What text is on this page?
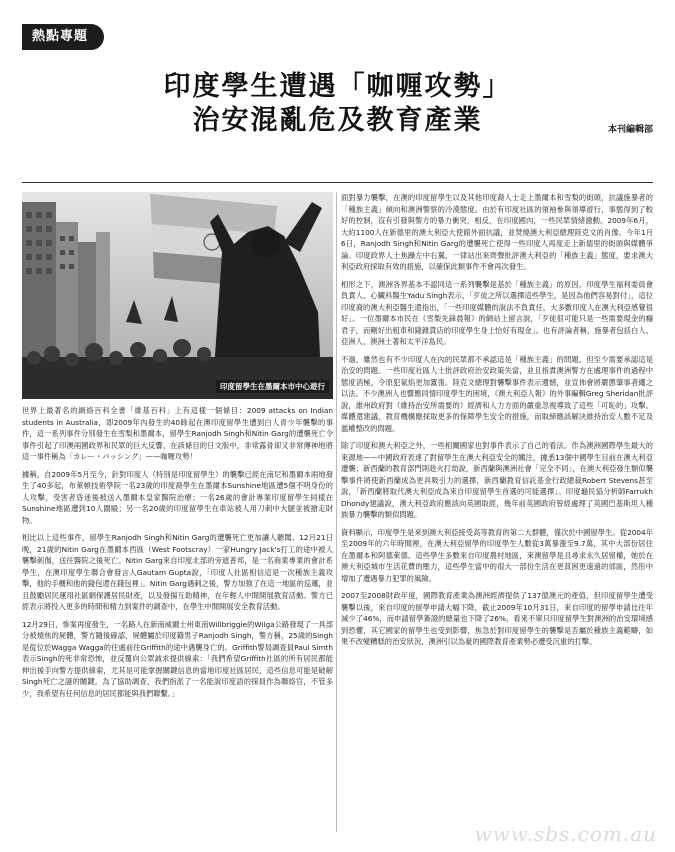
熱點專題
印度學生遭遇「咖喱攻勢」
治安混亂危及教育產業	本刊編輯部
印度留學生在墨爾本市中心遊行

世界上最著名的網絡百科全書「維基百科」上有這樣一個條目：2009 attacks on Indian students in Australia，即2009年內發生的40餘起在澳印度留學生遭到白人青少年襲擊的事件，這一系列事件分別發生在雪梨和墨爾本，留學生Ranjodh Singh和Nitin Garg的遭襲死亡令事件引起了印澳兩國政界和民眾的巨大反響，在該條目的日文版中，非常露骨卻又非常傳神地將這一事件稱為「カレー・バッシング」——咖喱攻勢！

據稱，自2009年5月至今，針對印度人（特別是印度留學生）的襲擊已經在南尼和墨爾本兩地發生了40多起，布萊頓技術學院一名23歲的印度裔學生在墨爾本Sunshine地區遭5個不明身份的人攻擊，受害者昏迷後被送入墨爾本皇家醫院治療；一名26歲的會計專業印度留學生同樣在Sunshine地區遭到10人圍毆；另一名20歲的印度留學生在車站被人用刀刺中大腿並被搶走財物。

相比以上這些事件，留學生Ranjodh Singh和Nitin Garg的遭襲死亡更加讓人聽聞。12月21日晚，21歲的Nitin Garg在墨爾本西區（West Footscray）一家Hungry Jack's打工的途中被人襲擊刺傷，送往醫院之後死亡。Nitin Garg來自印度北部的旁遮普邦，是一名商業專業的會計系學生，在澳印度學生聯合會發言人Gautam Gupta說，「印度人社區相信這是一次種族主義攻擊，他的手機和他的錢包還在錢包裡」。Nitin Garg遇刺之後，警方加強了在這一地區的巡邏，並且鼓勵居民運用社區網保護居民財產，以及發揚互助精神，在年輕人中間開展教育活動。警方已經表示將投入更多的時間和精力到案件的調查中，在學生中間開展安全教育活動。

12月29日，慘案再度發生，一名路人在新南威爾士州東南Willbriggie的Wilga公路發現了一具部分被燒焦的屍體，警方隨後確認，屍體屬於印度籍男子Ranjodh Singh，警方稱，25歲的Singh是從位於Wagga Wagga的住處前往Griffith的途中遇襲身亡的。Griffith警局調查員Paul Simth表示Singh的死非常恐怖，並反覆向公眾誠求提供線索：「我們希望Griffith社區的所有居民都能伸出援手向警方提供線索，尤其是可能掌握關鍵信息的當地印度社區居民，這些信息可能是破解Singh死亡之謎的關鍵。為了協助調查，我們指派了一名能說印度語的探員作為聯絡官，不管多少，我希望有任何信息的居民都能與我們聯繫。」

面對暴力襲擊，在澳的印度留學生以及其他印度裔人士走上墨爾本和雪梨的街頭，抗議施暴者的「種族主義」傾向和澳洲警察的冷漠態度。由於有印度社區的領袖參與領導遊行，事態得到了較好的控制，沒有引發與警方的暴力衝突，相反，在印度國內，一些民眾情緒激動。2009年6月，大約1100人在新德里的澳大利亞大使館外面抗議，並焚燒澳大利亞總理陸克文的肖像。今年1月6日，Ranjodh Singh和Nitin Garg的遭襲死亡使得一些印度人再度走上新德里的街頭與媒體爭論。印度政界人士焦躁左中右翼，一律站出來齊聲批評澳大利亞的「種族主義」態度，要求澳大利亞政府採取有效的措施，以確保此類事件不會再次發生。

相形之下，澳洲各界基本不認同這一系列襲擊是基於「種族主義」的原因。印度學生福利委員會負責人、心臟科醫生Yadu Singh表示，「歹徒之所以選擇這些學生，是因為他們容易對付」，這位印度裔的澳大利亞醫生還指出，「一些印度媒體的說法不負責任，大多數印度人在澳大利亞感覺很好」。一位墨爾本市民在《雪梨先鋒晨報》的網站上留言說，「歹徒很可能只是一些需要現金的癮君子，而剛好出租車和錢雜貨店的印度學生身上恰好有現金」。也有評論者稱，施暴者包括白人、亞洲人、澳洲土著和太平洋島民。

不過，雖然也有不少印度人在內的民眾都不承認這是「種族主義」的問題，但至少需要承認這是治安的問題。一些印度社區人士批評政府治安政策失當，並且指責澳洲警方在處理事件的過程中態度消極，令原犯氣焰更加囂張。陸克文總理對襲擊事件表示遺憾，並宣佈會將嚴懲肇事者繩之以法。不少澳洲人也響應同情印度學生的困境，《澳大利亞人報》的外事編輯Greg Sheridan批評說，維州政府對（維持治安所需要的）經濟和人力方面的嚴重忽視導致了這些「可恥的」攻擊。媒體還建議，教育機構應採取更多的保障學生安全的措施，而取締應該解決維持治安人數不足及濫權整改的問題。

除了印度和澳大利亞之外，一些相關國家也對事件表示了自己的看法。作為澳洲國際學生最大的來源地——中國政府表達了對留學生在澳大利亞安全的關注，據悉13個中國學生目前在澳大利亞遭襲；新西蘭的教育部門則趁火打劫說，新西蘭與澳洲社會「完全不同」，在澳大利亞發生類似襲擊事件將使新西蘭成為更具吸引力的選擇，新西蘭教育信託基金行政總裁Robert Stevens甚至說，「新西蘭將取代澳大利亞成為來自印度留學生首選的可能選擇」。印度龜民協分析師Farrukh Dhondy建議說，澳大利亞政府應該向英國取經，幾年前英國政府曾經處理了英國巴基斯坦人種族暴力襲擊的類似問題。

資料顯示，印度學生是來到澳大利亞接受高等教育的第二大群體，僅次於中國留學生。從2004年至2009年的六年時間裡，在澳大利亞留學的印度學生人數從3萬暴漲至9.7萬，其中大部份居住在墨爾本和阿德萊德。這些學生多數來自印度農村地區，來澳留學是且尋求永久居留權，她於在澳大利亞城市生活花費的壓力，這些學生當中的很大一部份生活在更貧困更遠遠的郊區，然彤中增加了遭遇暴力犯罪的風險。

2007至2008財政年度，國際教育產業為澳洲經濟提供了137億澳元的產值，但印度留學生遭受襲擊以後，來自印度的留學申請大幅下降，截止2009年10月31日，來自印度的留學申請比往年減少了46%，而申請留學簽證的總量也下降了26%，看來不單只印度留學生對澳洲的治安環境感到恐懼，其它國家的留學生也受到影響，焦急於對印度留學生的襲擊是否屬於種族主義範疇，如果不改變糟糕的治安狀況，澳洲引以為豪的國際教育產業勢必遭受沉重的打擊。

www.sbs.com.au
